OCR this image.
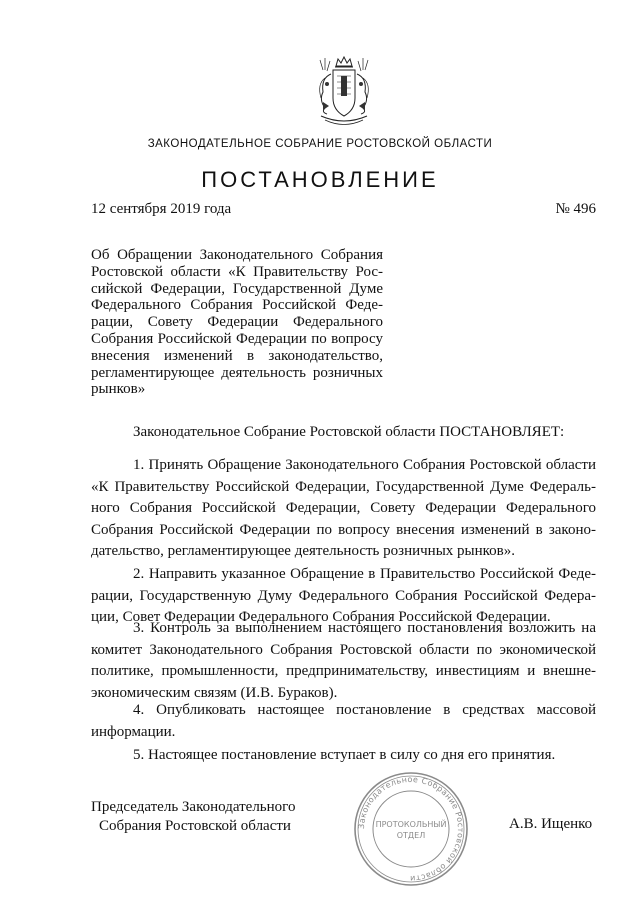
ЗАКОНОДАТЕЛЬНОЕ СОБРАНИЕ РОСТОВСКОЙ ОБЛАСТИ
ПОСТАНОВЛЕНИЕ
12 сентября 2019 года	№ 496
Об Обращении Законодательного Собрания Ростовской области «К Правительству Российской Федерации, Государственной Думе Федерального Собрания Российской Федерации, Совету Федерации Федерального Собрания Российской Федерации по вопросу внесения изменений в законодательство, регламентирующее деятельность розничных рынков»

Законодательное Собрание Ростовской области ПОСТАНОВЛЯЕТ:

1. Принять Обращение Законодательного Собрания Ростовской области «К Правительству Российской Федерации, Государственной Думе Федерального Собрания Российской Федерации, Совету Федерации Федерального Собрания Российской Федерации по вопросу внесения изменений в законодательство, регламентирующее деятельность розничных рынков».

2. Направить указанное Обращение в Правительство Российской Федерации, Государственную Думу Федерального Собрания Российской Федерации, Совет Федерации Федерального Собрания Российской Федерации.

3. Контроль за выполнением настоящего постановления возложить на комитет Законодательного Собрания Ростовской области по экономической политике, промышленности, предпринимательству, инвестициям и внешнеэкономическим связям (И.В. Бураков).

4. Опубликовать настоящее постановление в средствах массовой информации.

5. Настоящее постановление вступает в силу со дня его принятия.

Председатель Законодательного
Собрания Ростовской области	А.В. Ищенко
Законодательное Собрание Ростовской области
ПРОТОКОЛЬНЫЙ
ОТДЕЛ
